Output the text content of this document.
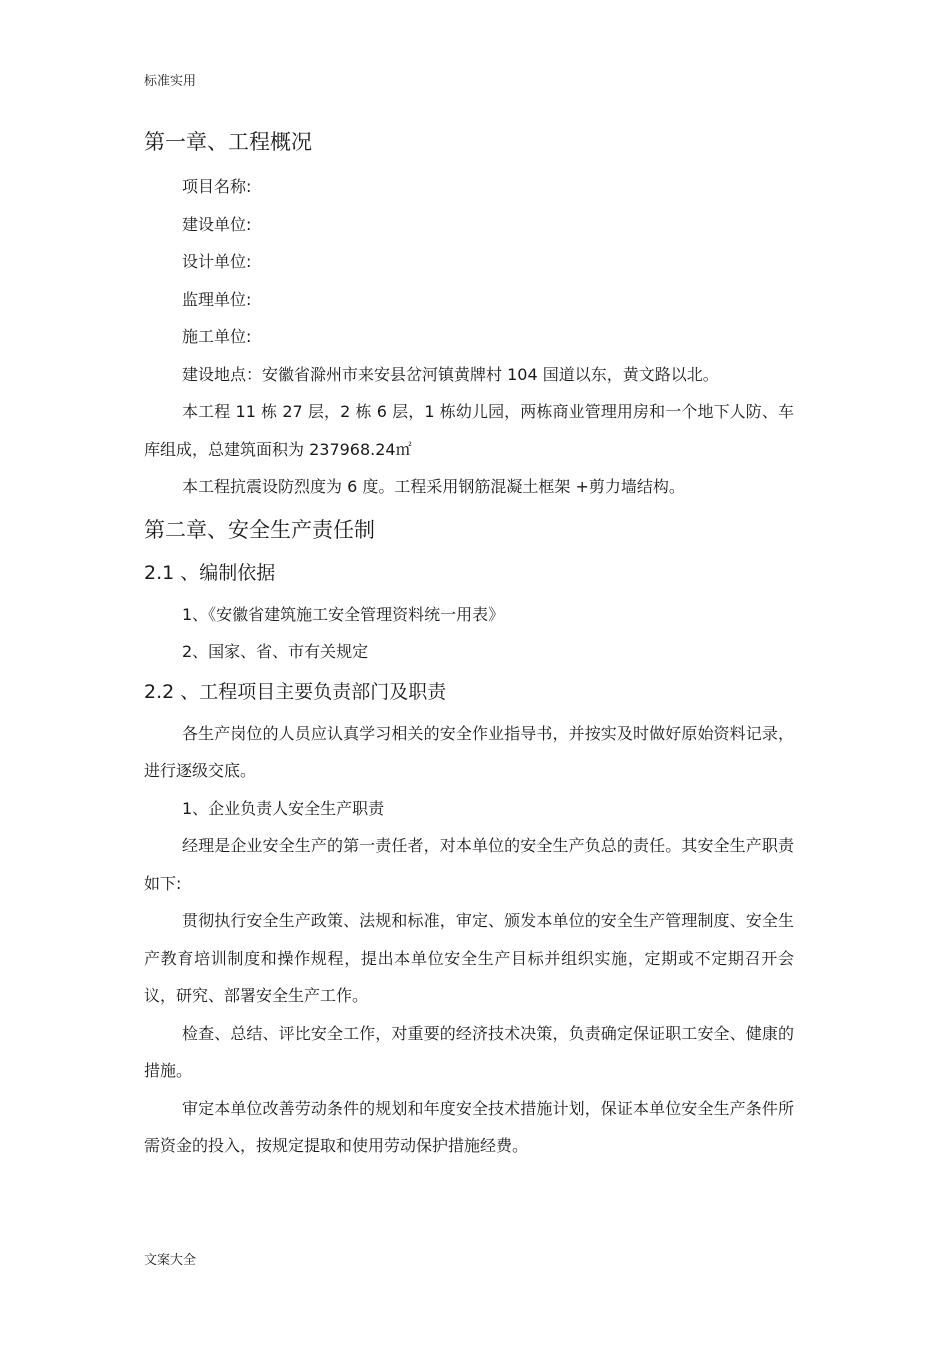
标准实用
第一章、工程概况

项目名称:

建设单位:

设计单位:

监理单位:

施工单位:

建设地点：安徽省滁州市来安县岔河镇黄牌村 104 国道以东，黄文路以北。

本工程 11 栋 27 层，2 栋 6 层，1 栋幼儿园，两栋商业管理用房和一个地下人防、车库组成，总建筑面积为 237968.24㎡

本工程抗震设防烈度为 6 度。工程采用钢筋混凝土框架 +剪力墙结构。

第二章、安全生产责任制
2.1 、编制依据

1、《安徽省建筑施工安全管理资料统一用表》

2、国家、省、市有关规定

2.2 、工程项目主要负责部门及职责

各生产岗位的人员应认真学习相关的安全作业指导书，并按实及时做好原始资料记录，进行逐级交底。

1、企业负责人安全生产职责

经理是企业安全生产的第一责任者，对本单位的安全生产负总的责任。其安全生产职责如下:

贯彻执行安全生产政策、法规和标准，审定、颁发本单位的安全生产管理制度、安全生产教育培训制度和操作规程，提出本单位安全生产目标并组织实施，定期或不定期召开会议，研究、部署安全生产工作。

检查、总结、评比安全工作，对重要的经济技术决策，负责确定保证职工安全、健康的措施。

审定本单位改善劳动条件的规划和年度安全技术措施计划，保证本单位安全生产条件所需资金的投入，按规定提取和使用劳动保护措施经费。

文案大全
